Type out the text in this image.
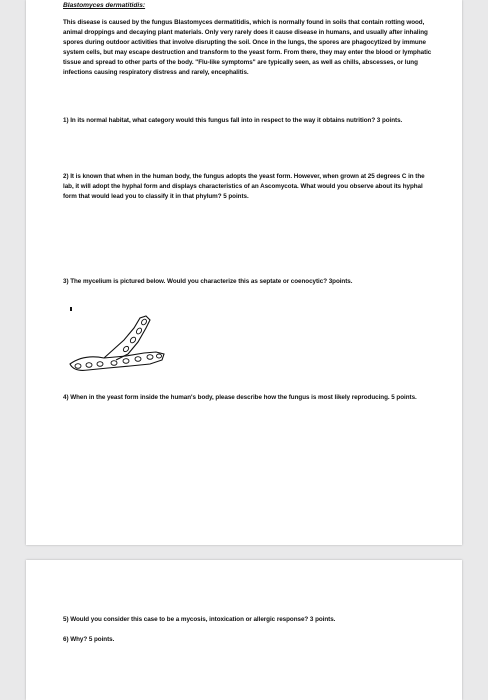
Blastomyces dermatitidis:
This disease is caused by the fungus Blastomyces dermatitidis, which is normally found in soils that contain rotting wood, animal droppings and decaying plant materials. Only very rarely does it cause disease in humans, and usually after inhaling spores during outdoor activities that involve disrupting the soil. Once in the lungs, the spores are phagocytized by immune system cells, but may escape destruction and transform to the yeast form. From there, they may enter the blood or lymphatic tissue and spread to other parts of the body. "Flu-like symptoms" are typically seen, as well as chills, abscesses, or lung infections causing respiratory distress and rarely, encephalitis.
1) In its normal habitat, what category would this fungus fall into in respect to the way it obtains nutrition? 3 points.
2) It is known that when in the human body, the fungus adopts the yeast form. However, when grown at 25 degrees C in the lab, it will adopt the hyphal form and displays characteristics of an Ascomycota. What would you observe about its hyphal form that would lead you to classify it in that phylum? 5 points.
3) The mycelium is pictured below. Would you characterize this as septate or coenocytic? 3points.
4) When in the yeast form inside the human's body, please describe how the fungus is most likely reproducing. 5 points.
5) Would you consider this case to be a mycosis, intoxication or allergic response? 3 points.
6) Why? 5 points.
